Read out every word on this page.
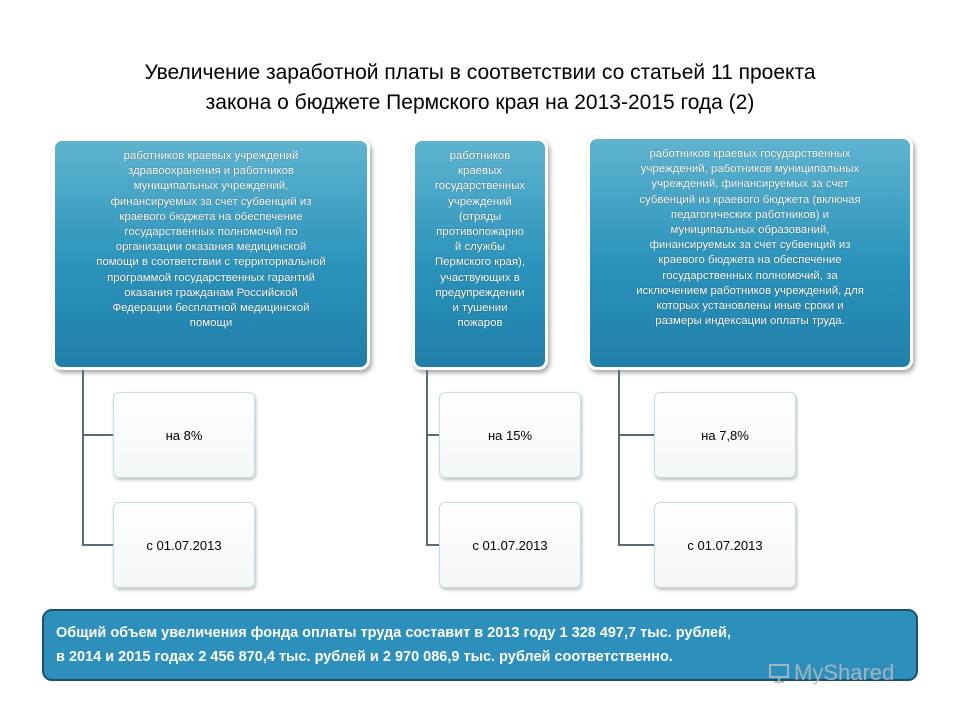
Увеличение заработной платы в соответствии со статьей 11 проекта
закона о бюджете Пермского края на 2013-2015 года (2)
работников краевых учреждений
здравоохранения и работников
муниципальных учреждений,
финансируемых за счет субвенций из
краевого бюджета на обеспечение
государственных полномочий по
организации оказания медицинской
помощи в соответствии с территориальной
программой государственных гарантий
оказания гражданам Российской
Федерации бесплатной медицинской
помощи
на 8%
с 01.07.2013
работников
краевых
государственных
учреждений
(отряды
противопожарно
й службы
Пермского края),
участвующих в
предупреждении
и тушении
пожаров
на 15%
с 01.07.2013
работников краевых государственных
учреждений, работников муниципальных
учреждений, финансируемых за счет
субвенций из краевого бюджета (включая
педагогических работников) и
муниципальных образований,
финансируемых за счет субвенций из
краевого бюджета на обеспечение
государственных полномочий, за
исключением работников учреждений, для
которых установлены иные сроки и
размеры индексации оплаты труда.
на 7,8%
с 01.07.2013
Общий объем увеличения фонда оплаты труда составит в 2013 году 1 328 497,7 тыс. рублей,
в 2014 и 2015 годах 2 456 870,4 тыс. рублей и 2 970 086,9 тыс. рублей соответственно.
MyShared
